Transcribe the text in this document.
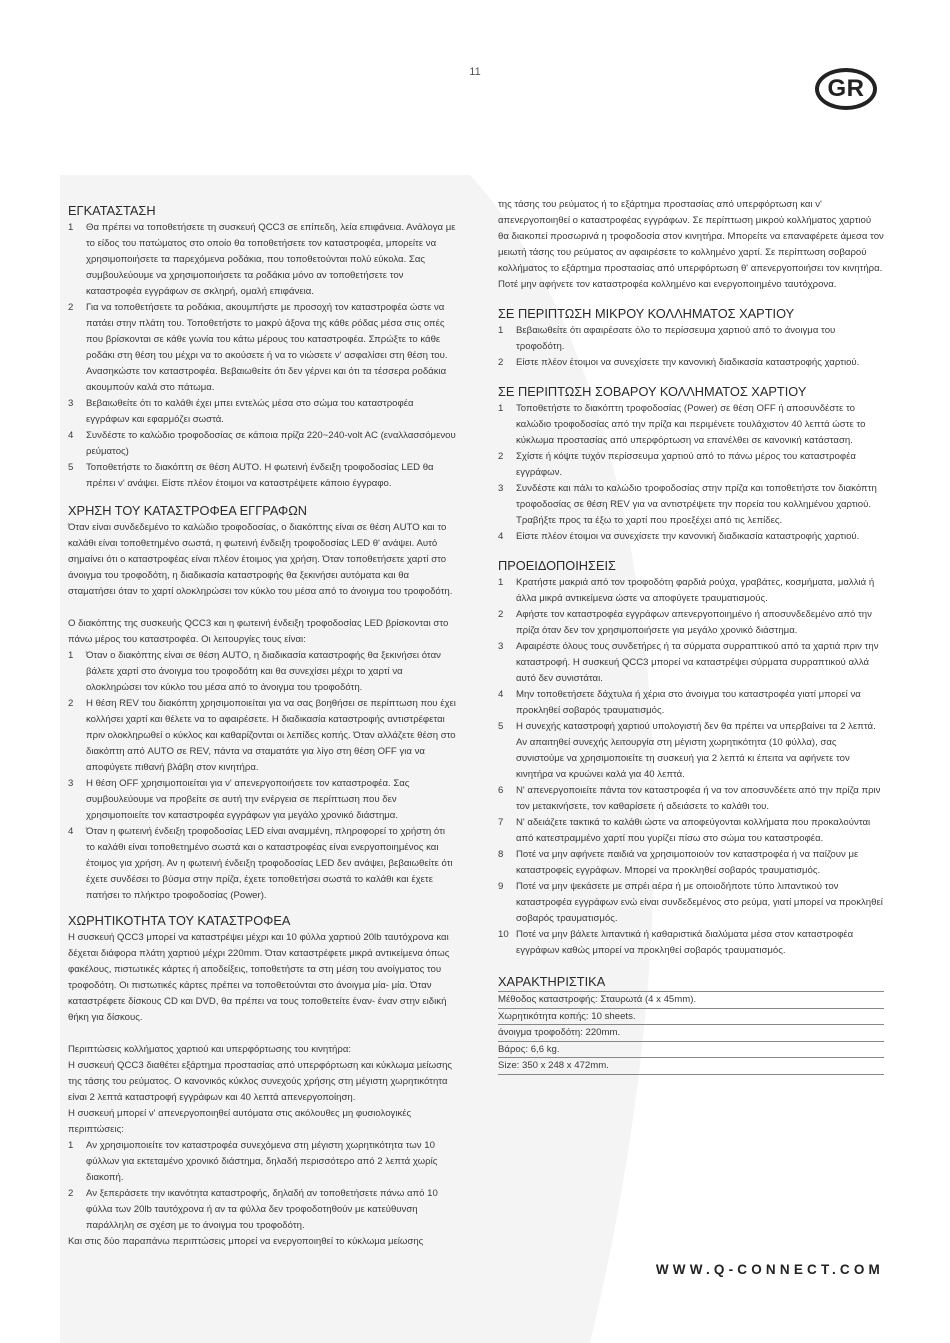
11
GR
ΕΓΚΑΤΑΣΤΑΣΗ
1 Θα πρέπει να τοποθετήσετε τη συσκευή QCC3 σε επίπεδη, λεία επιφάνεια. Ανάλογα με το είδος του πατώματος στο οποίο θα τοποθετήσετε τον καταστροφέα, μπορείτε να χρησιμοποιήσετε τα παρεχόμενα ροδάκια, που τοποθετούνται πολύ εύκολα. Σας συμβουλεύουμε να χρησιμοποιήσετε τα ροδάκια μόνο αν τοποθετήσετε τον καταστροφέα εγγράφων σε σκληρή, ομαλή επιφάνεια.
2 Για να τοποθετήσετε τα ροδάκια, ακουμπήστε με προσοχή τον καταστροφέα ώστε να πατάει στην πλάτη του. Τοποθετήστε το μακρύ άξονα της κάθε ρόδας μέσα στις οπές που βρίσκονται σε κάθε γωνία του κάτω μέρους του καταστροφέα. Σπρώξτε το κάθε ροδάκι στη θέση του μέχρι να το ακούσετε ή να το νιώσετε ν' ασφαλίσει στη θέση του. Ανασηκώστε τον καταστροφέα. Βεβαιωθείτε ότι δεν γέρνει και ότι τα τέσσερα ροδάκια ακουμπούν καλά στο πάτωμα.
3 Βεβαιωθείτε ότι το καλάθι έχει μπει εντελώς μέσα στο σώμα του καταστροφέα εγγράφων και εφαρμόζει σωστά.
4 Συνδέστε το καλώδιο τροφοδοσίας σε κάποια πρίζα 220~240-volt AC (εναλλασσόμενου ρεύματος)
5 Τοποθετήστε το διακόπτη σε θέση AUTO. Η φωτεινή ένδειξη τροφοδοσίας LED θα πρέπει ν' ανάψει. Είστε πλέον έτοιμοι να καταστρέψετε κάποιο έγγραφο.
ΧΡΗΣΗ ΤΟΥ ΚΑΤΑΣΤΡΟΦΕΑ ΕΓΓΡΑΦΩΝ

Όταν είναι συνδεδεμένο το καλώδιο τροφοδοσίας, ο διακόπτης είναι σε θέση AUTO και το καλάθι είναι τοποθετημένο σωστά, η φωτεινή ένδειξη τροφοδοσίας LED θ' ανάψει. Αυτό σημαίνει ότι ο καταστροφέας είναι πλέον έτοιμος για χρήση. Όταν τοποθετήσετε χαρτί στο άνοιγμα του τροφοδότη, η διαδικασία καταστροφής θα ξεκινήσει αυτόματα και θα σταματήσει όταν το χαρτί ολοκληρώσει τον κύκλο του μέσα από το άνοιγμα του τροφοδότη.

Ο διακόπτης της συσκευής QCC3 και η φωτεινή ένδειξη τροφοδοσίας LED βρίσκονται στο πάνω μέρος του καταστροφέα. Οι λειτουργίες τους είναι:

1 Όταν ο διακόπτης είναι σε θέση AUTO, η διαδικασία καταστροφής θα ξεκινήσει όταν βάλετε χαρτί στο άνοιγμα του τροφοδότη και θα συνεχίσει μέχρι το χαρτί να ολοκληρώσει τον κύκλο του μέσα από το άνοιγμα του τροφοδότη.
2 Η θέση REV του διακόπτη χρησιμοποιείται για να σας βοηθήσει σε περίπτωση που έχει κολλήσει χαρτί και θέλετε να το αφαιρέσετε. Η διαδικασία καταστροφής αντιστρέφεται πριν ολοκληρωθεί ο κύκλος και καθαρίζονται οι λεπίδες κοπής. Όταν αλλάζετε θέση στο διακόπτη από AUTO σε REV, πάντα να σταματάτε για λίγο στη θέση OFF για να αποφύγετε πιθανή βλάβη στον κινητήρα.
3 Η θέση OFF χρησιμοποιείται για ν' απενεργοποιήσετε τον καταστροφέα. Σας συμβουλεύουμε να προβείτε σε αυτή την ενέργεια σε περίπτωση που δεν χρησιμοποιείτε τον καταστροφέα εγγράφων για μεγάλο χρονικό διάστημα.
4 Όταν η φωτεινή ένδειξη τροφοδοσίας LED είναι αναμμένη, πληροφορεί το χρήστη ότι το καλάθι είναι τοποθετημένο σωστά και ο καταστροφέας είναι ενεργοποιημένος και έτοιμος για χρήση. Αν η φωτεινή ένδειξη τροφοδοσίας LED δεν ανάψει, βεβαιωθείτε ότι έχετε συνδέσει το βύσμα στην πρίζα, έχετε τοποθετήσει σωστά το καλάθι και έχετε πατήσει το πλήκτρο τροφοδοσίας (Power).
ΧΩΡΗΤΙΚΟΤΗΤΑ ΤΟΥ ΚΑΤΑΣΤΡΟΦΕΑ

Η συσκευή QCC3 μπορεί να καταστρέψει μέχρι και 10 φύλλα χαρτιού 20lb ταυτόχρονα και δέχεται διάφορα πλάτη χαρτιού μέχρι 220mm. Όταν καταστρέφετε μικρά αντικείμενα όπως φακέλους, πιστωτικές κάρτες ή αποδείξεις, τοποθετήστε τα στη μέση του ανοίγματος του τροφοδότη. Οι πιστωτικές κάρτες πρέπει να τοποθετούνται στο άνοιγμα μία- μία. Όταν καταστρέφετε δίσκους CD και DVD, θα πρέπει να τους τοποθετείτε έναν- έναν στην ειδική θήκη για δίσκους.

Περιπτώσεις κολλήματος χαρτιού και υπερφόρτωσης του κινητήρα:

Η συσκευή QCC3 διαθέτει εξάρτημα προστασίας από υπερφόρτωση και κύκλωμα μείωσης της τάσης του ρεύματος. Ο κανονικός κύκλος συνεχούς χρήσης στη μέγιστη χωρητικότητα είναι 2 λεπτά καταστροφή εγγράφων και 40 λεπτά απενεργοποίηση.

Η συσκευή μπορεί ν' απενεργοποιηθεί αυτόματα στις ακόλουθες μη φυσιολογικές περιπτώσεις:

1 Αν χρησιμοποιείτε τον καταστροφέα συνεχόμενα στη μέγιστη χωρητικότητα των 10 φύλλων για εκτεταμένο χρονικό διάστημα, δηλαδή περισσότερο από 2 λεπτά χωρίς διακοπή.
2 Αν ξεπεράσετε την ικανότητα καταστροφής, δηλαδή αν τοποθετήσετε πάνω από 10 φύλλα των 20lb ταυτόχρονα ή αν τα φύλλα δεν τροφοδοτηθούν με κατεύθυνση παράλληλη σε σχέση με το άνοιγμα του τροφοδότη.

Και στις δύο παραπάνω περιπτώσεις μπορεί να ενεργοποιηθεί το κύκλωμα μείωσης

της τάσης του ρεύματος ή το εξάρτημα προστασίας από υπερφόρτωση και ν' απενεργοποιηθεί ο καταστροφέας εγγράφων. Σε περίπτωση μικρού κολλήματος χαρτιού θα διακοπεί προσωρινά η τροφοδοσία στον κινητήρα. Μπορείτε να επαναφέρετε άμεσα τον μειωτή τάσης του ρεύματος αν αφαιρέσετε το κολλημένο χαρτί. Σε περίπτωση σοβαρού κολλήματος το εξάρτημα προστασίας από υπερφόρτωση θ' απενεργοποιήσει τον κινητήρα. Ποτέ μην αφήνετε τον καταστροφέα κολλημένο και ενεργοποιημένο ταυτόχρονα.

ΣΕ ΠΕΡΙΠΤΩΣΗ ΜΙΚΡΟΥ ΚΟΛΛΗΜΑΤΟΣ ΧΑΡΤΙΟΥ
1 Βεβαιωθείτε ότι αφαιρέσατε όλο το περίσσευμα χαρτιού από το άνοιγμα του τροφοδότη.
2 Είστε πλέον έτοιμοι να συνεχίσετε την κανονική διαδικασία καταστροφής χαρτιού.
ΣΕ ΠΕΡΙΠΤΩΣΗ ΣΟΒΑΡΟΥ ΚΟΛΛΗΜΑΤΟΣ ΧΑΡΤΙΟΥ
1 Τοποθετήστε το διακόπτη τροφοδοσίας (Power) σε θέση OFF ή αποσυνδέστε το καλώδιο τροφοδοσίας από την πρίζα και περιμένετε τουλάχιστον 40 λεπτά ώστε το κύκλωμα προστασίας από υπερφόρτωση να επανέλθει σε κανονική κατάσταση.
2 Σχίστε ή κόψτε τυχόν περίσσευμα χαρτιού από το πάνω μέρος του καταστροφέα εγγράφων.
3 Συνδέστε και πάλι το καλώδιο τροφοδοσίας στην πρίζα και τοποθετήστε τον διακόπτη τροφοδοσίας σε θέση REV για να αντιστρέψετε την πορεία του κολλημένου χαρτιού. Τραβήξτε προς τα έξω το χαρτί που προεξέχει από τις λεπίδες.
4 Είστε πλέον έτοιμοι να συνεχίσετε την κανονική διαδικασία καταστροφής χαρτιού.
ΠΡΟΕΙΔΟΠΟΙΗΣΕΙΣ
1 Κρατήστε μακριά από τον τροφοδότη φαρδιά ρούχα, γραβάτες, κοσμήματα, μαλλιά ή άλλα μικρά αντικείμενα ώστε να αποφύγετε τραυματισμούς.
2 Αφήστε τον καταστροφέα εγγράφων απενεργοποιημένο ή αποσυνδεδεμένο από την πρίζα όταν δεν τον χρησιμοποιήσετε για μεγάλο χρονικό διάστημα.
3 Αφαιρέστε όλους τους συνδετήρες ή τα σύρματα συρραπτικού από τα χαρτιά πριν την καταστροφή. Η συσκευή QCC3 μπορεί να καταστρέψει σύρματα συρραπτικού αλλά αυτό δεν συνιστάται.
4 Μην τοποθετήσετε δάχτυλα ή χέρια στο άνοιγμα του καταστροφέα γιατί μπορεί να προκληθεί σοβαρός τραυματισμός.
5 Η συνεχής καταστροφή χαρτιού υπολογιστή δεν θα πρέπει να υπερβαίνει τα 2 λεπτά. Αν απαιτηθεί συνεχής λειτουργία στη μέγιστη χωρητικότητα (10 φύλλα), σας συνιστούμε να χρησιμοποιείτε τη συσκευή για 2 λεπτά κι έπειτα να αφήνετε τον κινητήρα να κρυώνει καλά για 40 λεπτά.
6 Ν' απενεργοποιείτε πάντα τον καταστροφέα ή να τον αποσυνδέετε από την πρίζα πριν τον μετακινήσετε, τον καθαρίσετε ή αδειάσετε το καλάθι του.
7 Ν' αδειάζετε τακτικά το καλάθι ώστε να αποφεύγονται κολλήματα που προκαλούνται από κατεστραμμένο χαρτί που γυρίζει πίσω στο σώμα του καταστροφέα.
8 Ποτέ να μην αφήνετε παιδιά να χρησιμοποιούν τον καταστροφέα ή να παίζουν με καταστροφείς εγγράφων. Μπορεί να προκληθεί σοβαρός τραυματισμός.
9 Ποτέ να μην ψεκάσετε με σπρέι αέρα ή με οποιοδήποτε τύπο λιπαντικού τον καταστροφέα εγγράφων ενώ είναι συνδεδεμένος στο ρεύμα, γιατί μπορεί να προκληθεί σοβαρός τραυματισμός.
10 Ποτέ να μην βάλετε λιπαντικά ή καθαριστικά διαλύματα μέσα στον καταστροφέα εγγράφων καθώς μπορεί να προκληθεί σοβαρός τραυματισμός.
ΧΑΡΑΚΤΗΡΙΣΤΙΚΑ
Μέθοδος καταστροφής: Σταυρωτά (4 x 45mm).
Χωρητικότητα κοπής: 10 sheets.
άνοιγμα τροφοδότη: 220mm.
Βάρος: 6,6 kg.
Size: 350 x 248 x 472mm.
WWW.Q-CONNECT.COM
